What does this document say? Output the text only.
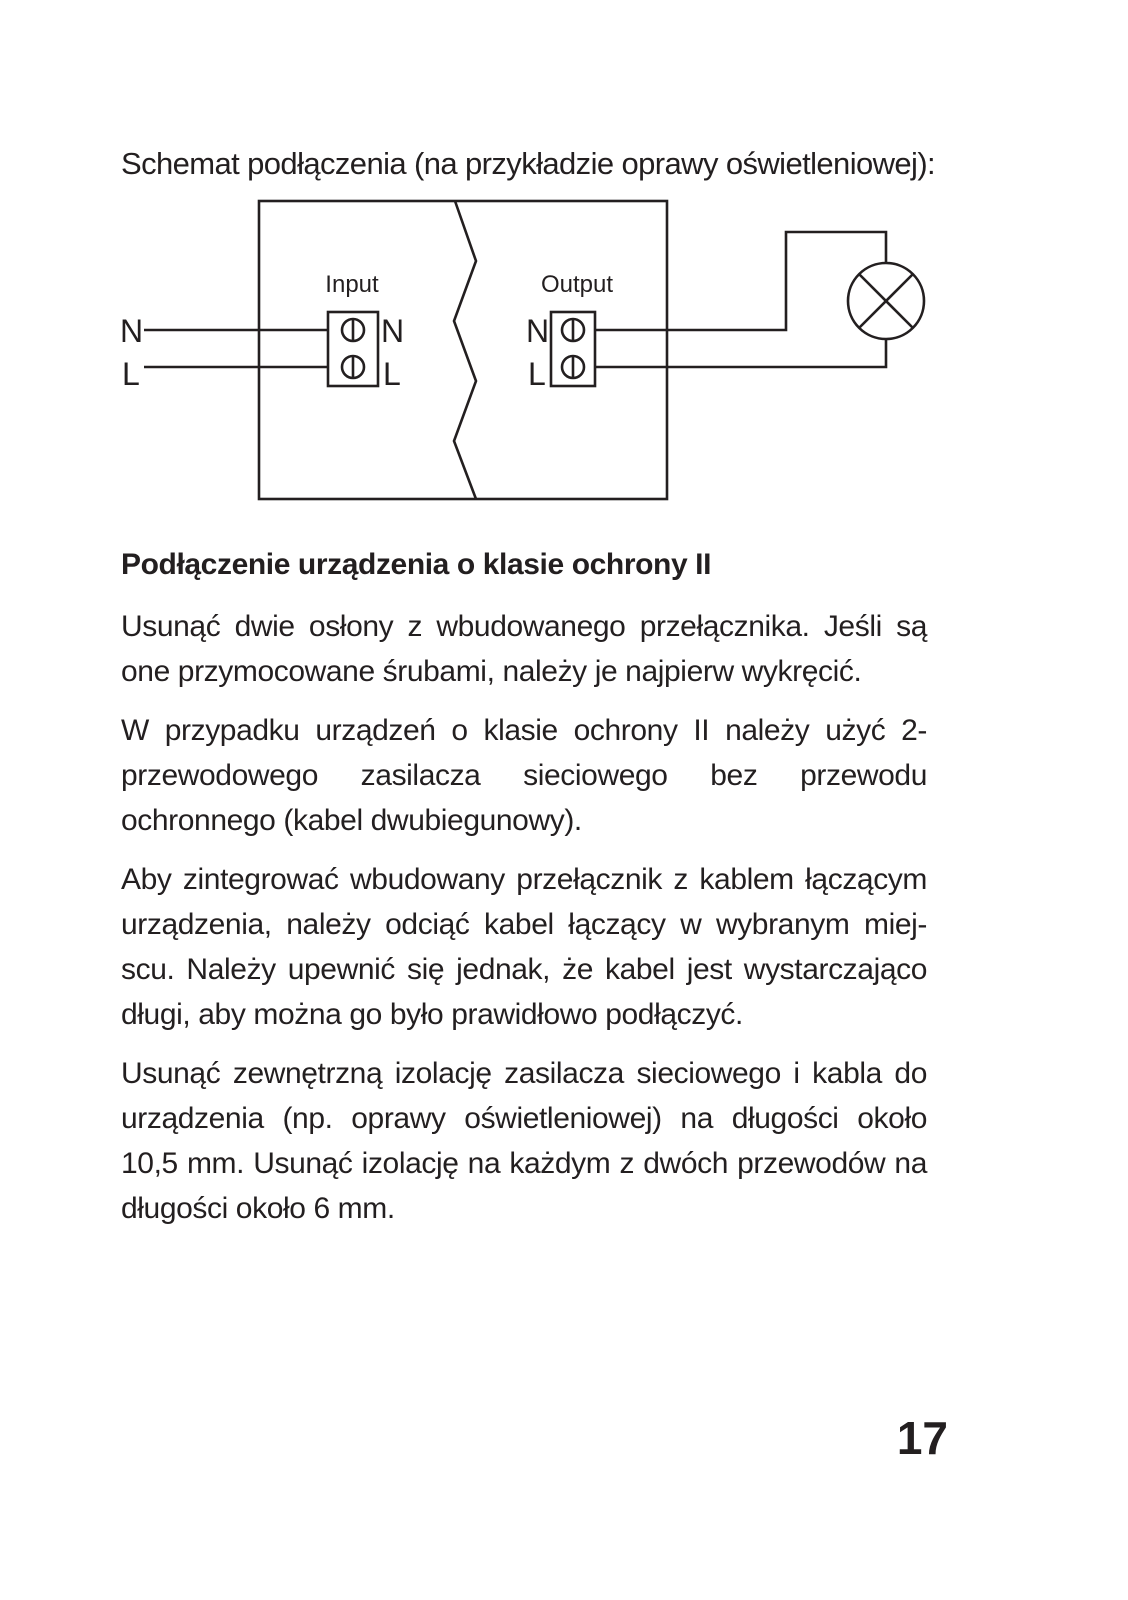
Schemat podłączenia (na przykładzie oprawy oświetleniowej):
Input	Output
N
L
N
L
N
L
Podłączenie urządzenia o klasie ochrony II

Usunąć dwie osłony z wbudowanego przełącznika. Jeśli są one przymocowane śrubami, należy je najpierw wykręcić.

W przypadku urządzeń o klasie ochrony II należy użyć 2-przewodowego zasilacza sieciowego bez przewodu ochronnego (kabel dwubiegunowy).

Aby zintegrować wbudowany przełącznik z kablem łączącym urządzenia, należy odciąć kabel łączący w wybranym miej-scu. Należy upewnić się jednak, że kabel jest wystarczająco długi, aby można go było prawidłowo podłączyć.

Usunąć zewnętrzną izolację zasilacza sieciowego i kabla do urządzenia (np. oprawy oświetleniowej) na długości około 10,5 mm. Usunąć izolację na każdym z dwóch przewodów na długości około 6 mm.

17
